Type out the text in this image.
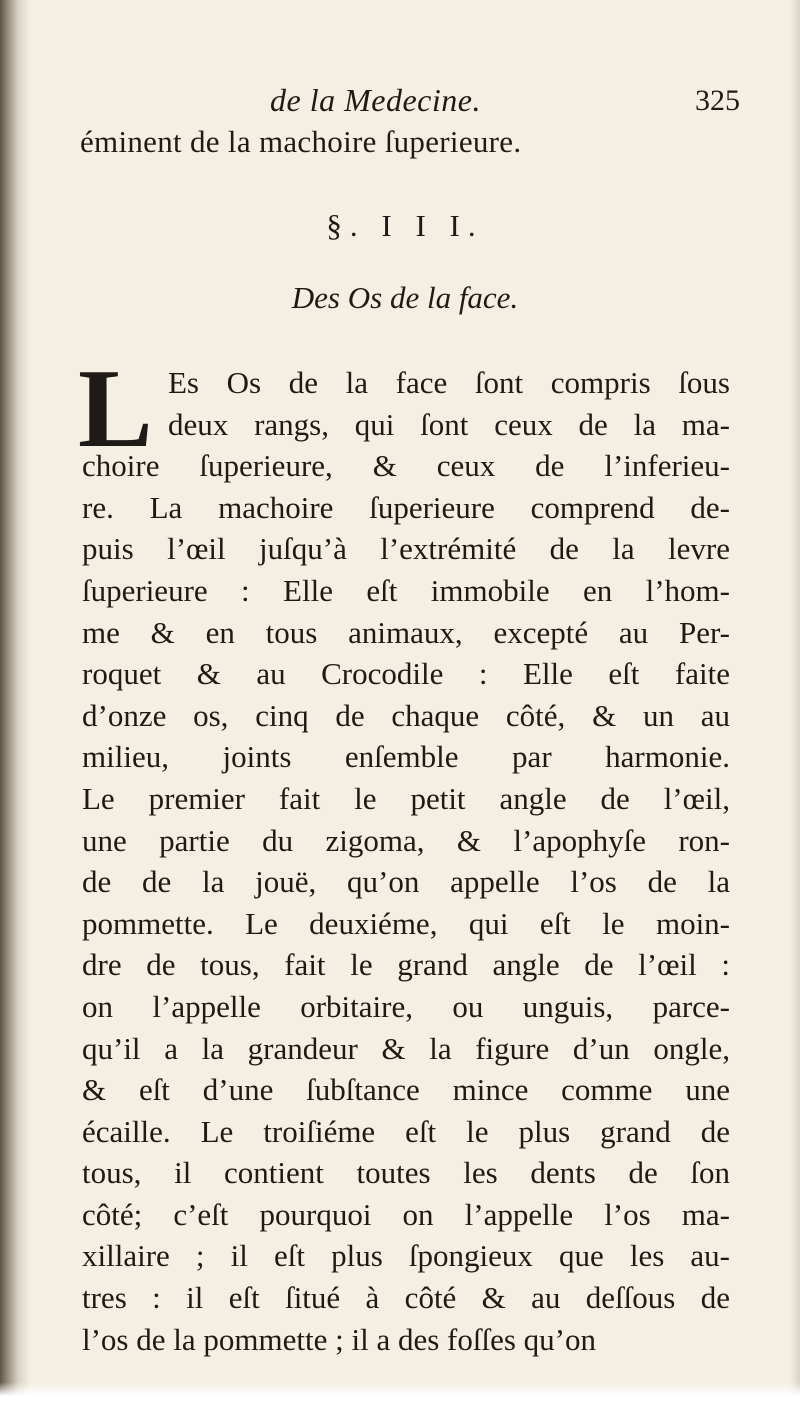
de la Medecine.	325
éminent de la machoire ſuperieure.
§. I I I.
Des Os de la face.
L Es Os de la face ſont compris ſous
deux rangs, qui ſont ceux de la ma-
choire ſuperieure, & ceux de l’inferieu-
re. La machoire ſuperieure comprend de-
puis l’œil juſqu’à l’extrémité de la levre
ſuperieure : Elle eſt immobile en l’hom-
me & en tous animaux, excepté au Per-
roquet & au Crocodile : Elle eſt faite
d’onze os, cinq de chaque côté, & un au
milieu, joints enſemble par harmonie.
Le premier fait le petit angle de l’œil,
une partie du zigoma, & l’apophyſe ron-
de de la jouë, qu’on appelle l’os de la
pommette. Le deuxiéme, qui eſt le moin-
dre de tous, fait le grand angle de l’œil :
on l’appelle orbitaire, ou unguis, parce-
qu’il a la grandeur & la figure d’un ongle,
& eſt d’une ſubſtance mince comme une
écaille. Le troiſiéme eſt le plus grand de
tous, il contient toutes les dents de ſon
côté; c’eſt pourquoi on l’appelle l’os ma-
xillaire ; il eſt plus ſpongieux que les au-
tres : il eſt ſitué à côté & au deſſous de
l’os de la pommette ; il a des foſſes qu’on
